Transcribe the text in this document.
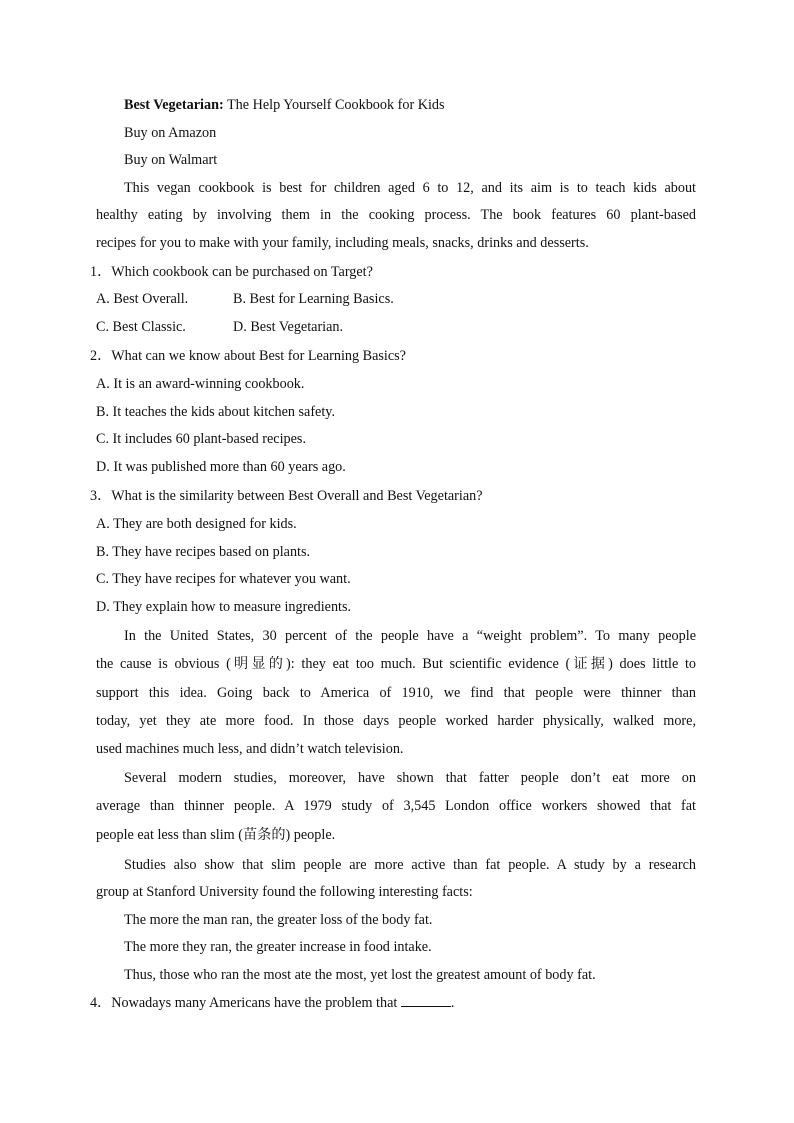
Best Vegetarian: The Help Yourself Cookbook for Kids
Buy on Amazon
Buy on Walmart
This vegan cookbook is best for children aged 6 to 12, and its aim is to teach kids about
healthy eating by involving them in the cooking process. The book features 60 plant-based
recipes for you to make with your family, including meals, snacks, drinks and desserts.
1．Which cookbook can be purchased on Target?
A. Best Overall.	B. Best for Learning Basics.
C. Best Classic.	D. Best Vegetarian.
2．What can we know about Best for Learning Basics?
A. It is an award-winning cookbook.
B. It teaches the kids about kitchen safety.
C. It includes 60 plant-based recipes.
D. It was published more than 60 years ago.
3．What is the similarity between Best Overall and Best Vegetarian?
A. They are both designed for kids.
B. They have recipes based on plants.
C. They have recipes for whatever you want.
D. They explain how to measure ingredients.
In the United States, 30 percent of the people have a “weight problem”. To many people
the cause is obvious (明显的): they eat too much. But scientific evidence (证据) does little to
support this idea. Going back to America of 1910, we find that people were thinner than
today, yet they ate more food. In those days people worked harder physically, walked more,
used machines much less, and didn’t watch television.
Several modern studies, moreover, have shown that fatter people don’t eat more on
average than thinner people. A 1979 study of 3,545 London office workers showed that fat
people eat less than slim (苗条的) people.
Studies also show that slim people are more active than fat people. A study by a research
group at Stanford University found the following interesting facts:
The more the man ran, the greater loss of the body fat.
The more they ran, the greater increase in food intake.
Thus, those who ran the most ate the most, yet lost the greatest amount of body fat.
4．Nowadays many Americans have the problem that	.
